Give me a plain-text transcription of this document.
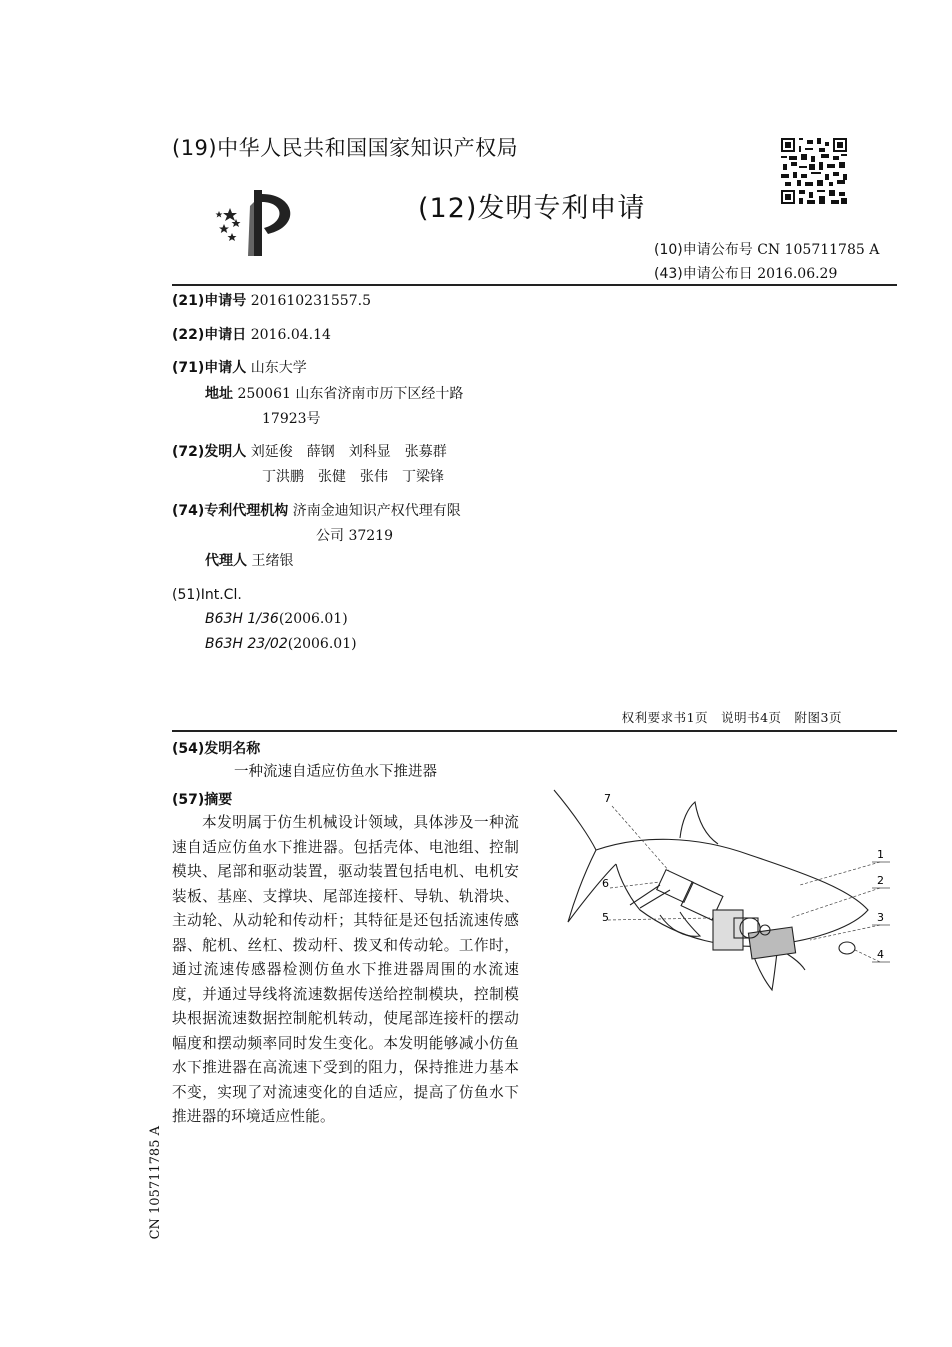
(19)中华人民共和国国家知识产权局
(12)发明专利申请
(10)申请公布号 CN 105711785 A
(43)申请公布日 2016.06.29
(21)申请号 201610231557.5
(22)申请日 2016.04.14
(71)申请人 山东大学
地址 250061 山东省济南市历下区经十路
17923号
(72)发明人 刘延俊　薛钢　刘科显　张募群
丁洪鹏　张健　张伟　丁梁锋
(74)专利代理机构 济南金迪知识产权代理有限
公司 37219
代理人 王绪银
(51)Int.Cl.
B63H 1/36(2006.01)
B63H 23/02(2006.01)
权利要求书1页　说明书4页　附图3页
(54)发明名称
一种流速自适应仿鱼水下推进器
(57)摘要
本发明属于仿生机械设计领域，具体涉及一种流速自适应仿鱼水下推进器。包括壳体、电池组、控制模块、尾部和驱动装置，驱动装置包括电机、电机安装板、基座、支撑块、尾部连接杆、导轨、轨滑块、主动轮、从动轮和传动杆；其特征是还包括流速传感器、舵机、丝杠、拨动杆、拨叉和传动轮。工作时，通过流速传感器检测仿鱼水下推进器周围的水流速度，并通过导线将流速数据传送给控制模块，控制模块根据流速数据控制舵机转动，使尾部连接杆的摆动幅度和摆动频率同时发生变化。本发明能够减小仿鱼水下推进器在高流速下受到的阻力，保持推进力基本不变，实现了对流速变化的自适应，提高了仿鱼水下推进器的环境适应性能。
CN 105711785 A
7
6
5
1
2
3
4
